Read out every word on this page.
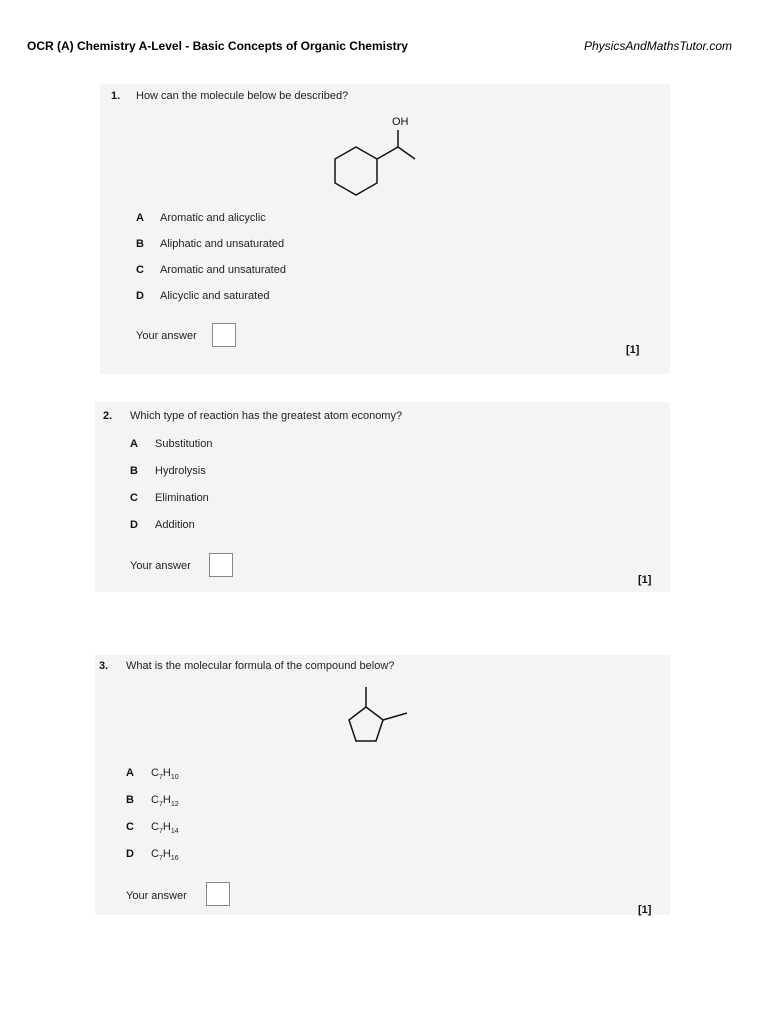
OCR (A) Chemistry A-Level - Basic Concepts of Organic Chemistry	PhysicsAndMathsTutor.com
1. How can the molecule below be described?
OH
A Aromatic and alicyclic
B Aliphatic and unsaturated
C Aromatic and unsaturated
D Alicyclic and saturated
Your answer
[1]
2. Which type of reaction has the greatest atom economy?
A Substitution
B Hydrolysis
C Elimination
D Addition
Your answer
[1]
3. What is the molecular formula of the compound below?
A $C_7H_{10}$
B $C_7H_{12}$
C $C_7H_{14}$
D $C_7H_{16}$
Your answer
[1]
